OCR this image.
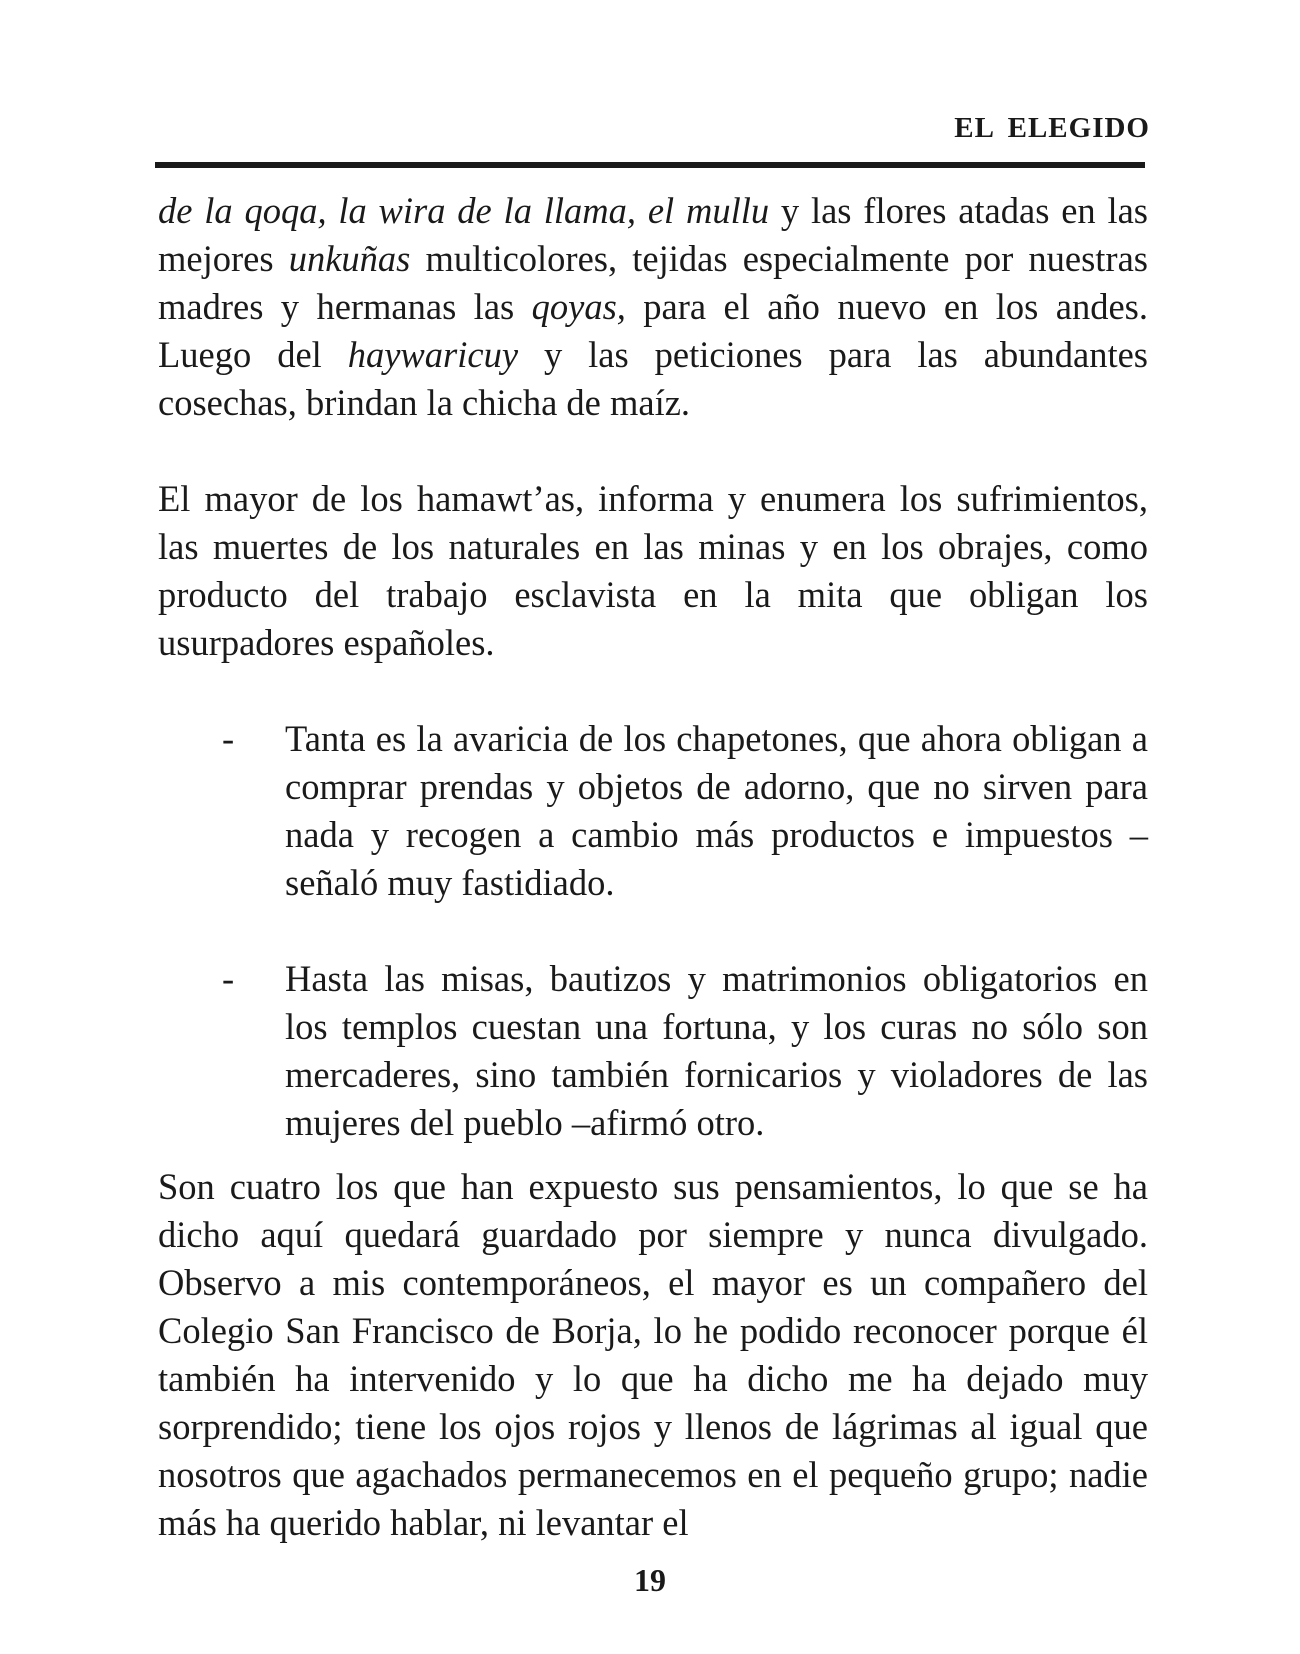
EL ELEGIDO

de la qoqa, la wira de la llama, el mullu y las flores atadas en las mejores unkuñas multicolores, tejidas especialmente por nuestras madres y hermanas las qoyas, para el año nuevo en los andes. Luego del haywaricuy y las peticiones para las abundantes cosechas, brindan la chicha de maíz.

El mayor de los hamawt’as, informa y enumera los sufrimientos, las muertes de los naturales en las minas y en los obrajes, como producto del trabajo esclavista en la mita que obligan los usurpadores españoles.

-	Tanta es la avaricia de los chapetones, que ahora obligan a comprar prendas y objetos de adorno, que no sirven para nada y recogen a cambio más productos e impuestos –señaló muy fastidiado.
-	Hasta las misas, bautizos y matrimonios obligatorios en los templos cuestan una fortuna, y los curas no sólo son mercaderes, sino también fornicarios y violadores de las mujeres del pueblo –afirmó otro.

Son cuatro los que han expuesto sus pensamientos, lo que se ha dicho aquí quedará guardado por siempre y nunca divulgado. Observo a mis contemporáneos, el mayor es un compañero del Colegio San Francisco de Borja, lo he podido reconocer porque él también ha intervenido y lo que ha dicho me ha dejado muy sorprendido; tiene los ojos rojos y llenos de lágrimas al igual que nosotros que agachados permanecemos en el pequeño grupo; nadie más ha querido hablar, ni levantar el

19
